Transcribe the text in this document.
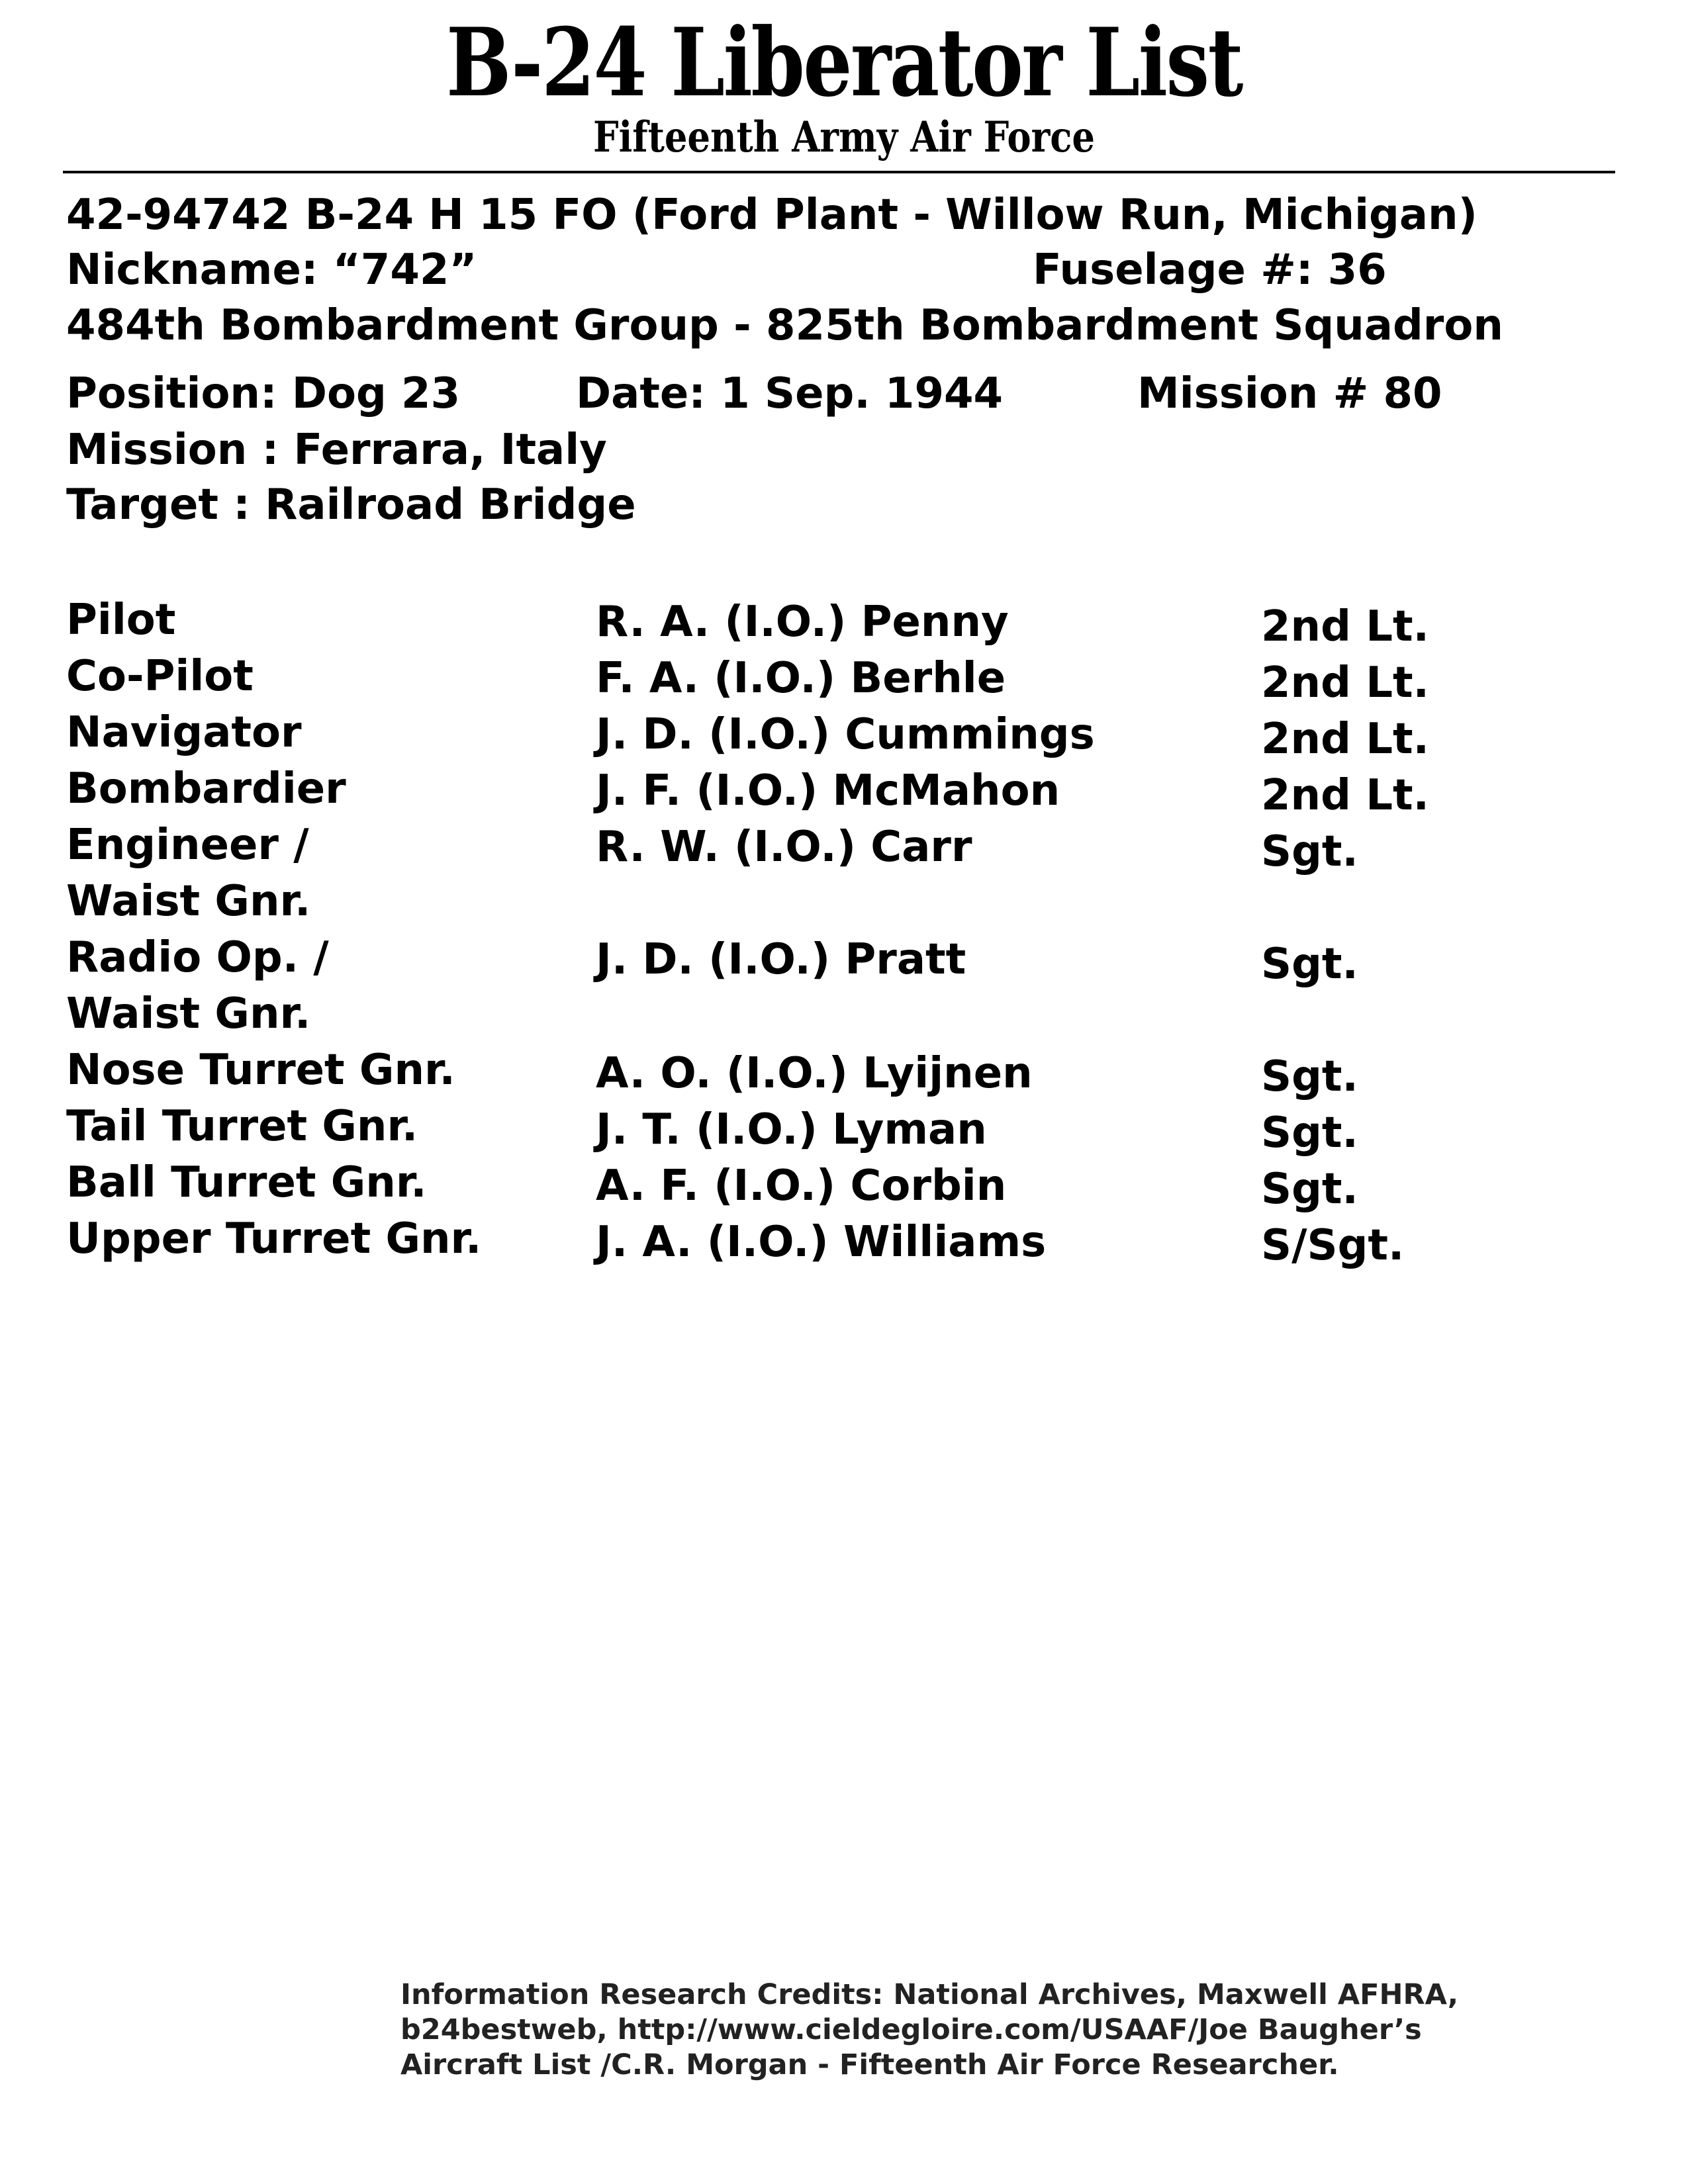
B-24 Liberator List
Fifteenth Army Air Force
42-94742 B-24 H 15 FO (Ford Plant - Willow Run, Michigan)
Nickname: “742”	Fuselage #: 36
484th Bombardment Group - 825th Bombardment Squadron
Position: Dog 23	Date: 1 Sep. 1944	Mission # 80
Mission : Ferrara, Italy
Target : Railroad Bridge
Pilot	R. A. (I.O.) Penny	2nd Lt.
Co-Pilot	F. A. (I.O.) Berhle	2nd Lt.
Navigator	J. D. (I.O.) Cummings	2nd Lt.
Bombardier	J. F. (I.O.) McMahon	2nd Lt.
Engineer /
Waist Gnr.
R. W. (I.O.) Carr	Sgt.
Radio Op. /
Waist Gnr.
J. D. (I.O.) Pratt	Sgt.
Nose Turret Gnr.	A. O. (I.O.) Lyijnen	Sgt.
Tail Turret Gnr.	J. T. (I.O.) Lyman	Sgt.
Ball Turret Gnr.	A. F. (I.O.) Corbin	Sgt.
Upper Turret Gnr.	J. A. (I.O.) Williams	S/Sgt.
Information Research Credits: National Archives, Maxwell AFHRA,
b24bestweb, http://www.cieldegloire.com/USAAF/Joe Baugher’s
Aircraft List /C.R. Morgan - Fifteenth Air Force Researcher.
